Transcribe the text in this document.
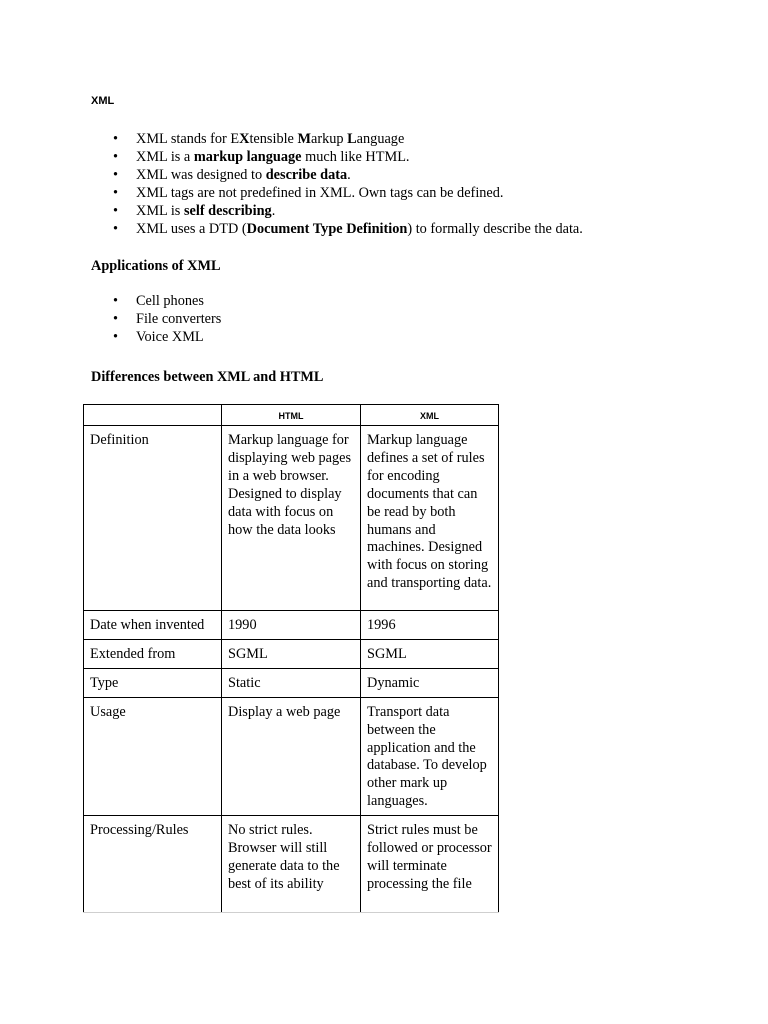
XML
• XML stands for EXtensible Markup Language
• XML is a markup language much like HTML.
• XML was designed to describe data.
• XML tags are not predefined in XML. Own tags can be defined.
• XML is self describing.
• XML uses a DTD (Document Type Definition) to formally describe the data.
Applications of XML
• Cell phones
• File converters
• Voice XML
Differences between XML and HTML
	HTML	XML
Definition	Markup language for displaying web pages in a web browser. Designed to display data with focus on how the data looks	Markup language defines a set of rules for encoding documents that can be read by both humans and machines. Designed with focus on storing and transporting data.
Date when invented	1990	1996
Extended from	SGML	SGML
Type	Static	Dynamic
Usage	Display a web page	Transport data between the application and the database. To develop other mark up languages.
Processing/Rules	No strict rules. Browser will still generate data to the best of its ability	Strict rules must be followed or processor will terminate processing the file
